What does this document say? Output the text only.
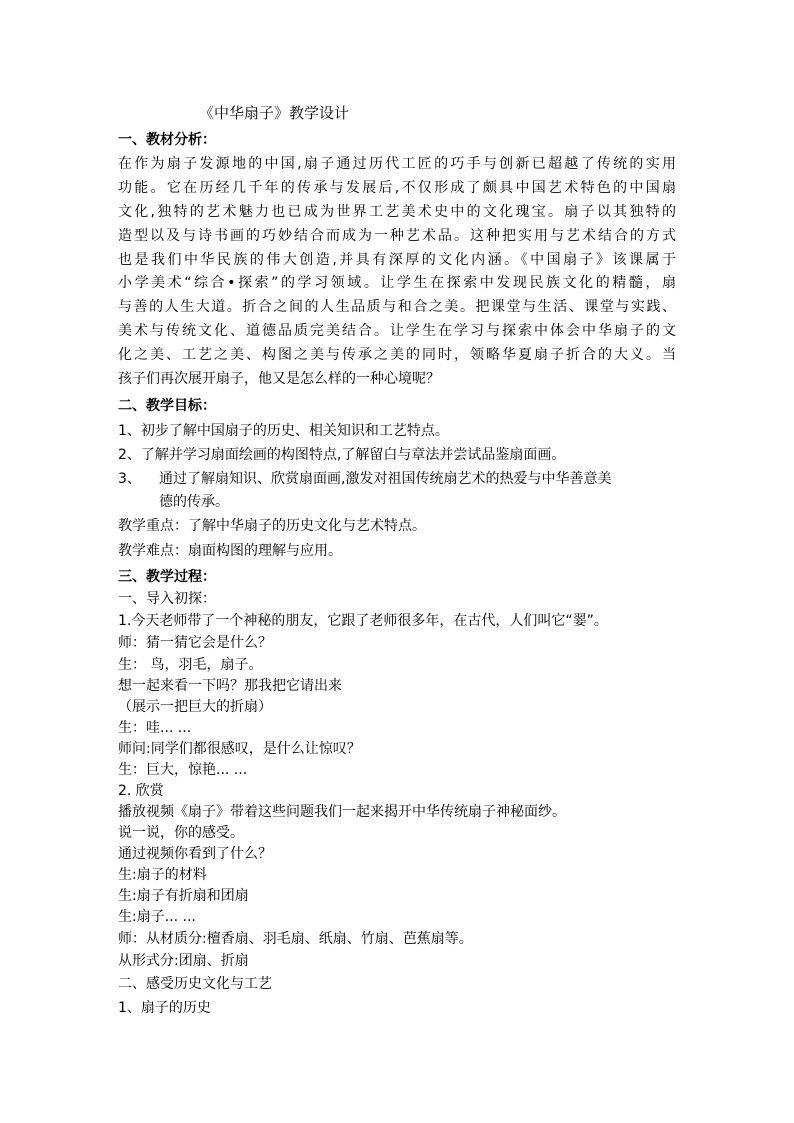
《中华扇子》教学设计
一、教材分析：
在作为扇子发源地的中国,扇子通过历代工匠的巧手与创新已超越了传统的实用
功能。它在历经几千年的传承与发展后,不仅形成了颇具中国艺术特色的中国扇
文化,独特的艺术魅力也已成为世界工艺美术史中的文化瑰宝。扇子以其独特的
造型以及与诗书画的巧妙结合而成为一种艺术品。这种把实用与艺术结合的方式
也是我们中华民族的伟大创造,并具有深厚的文化内涵。《中国扇子》该课属于
小学美术“综合•探索”的学习领域。让学生在探索中发现民族文化的精髓，扇
与善的人生大道。折合之间的人生品质与和合之美。把课堂与生活、课堂与实践、
美术与传统文化、道德品质完美结合。让学生在学习与探索中体会中华扇子的文
化之美、工艺之美、构图之美与传承之美的同时，领略华夏扇子折合的大义。当
孩子们再次展开扇子，他又是怎么样的一种心境呢？
二、教学目标：
1、初步了解中国扇子的历史、相关知识和工艺特点。
2、了解并学习扇面绘画的构图特点,了解留白与章法并尝试品鉴扇面画。
3、 通过了解扇知识、欣赏扇面画,激发对祖国传统扇艺术的热爱与中华善意美
德的传承。
教学重点：了解中华扇子的历史文化与艺术特点。
教学难点：扇面构图的理解与应用。
三、教学过程：
一、导入初探：
1.今天老师带了一个神秘的朋友，它跟了老师很多年，在古代，人们叫它“翣”。
师：猜一猜它会是什么？
生： 鸟，羽毛，扇子。
想一起来看一下吗？那我把它请出来
（展示一把巨大的折扇）
生：哇... ...
师问:同学们都很感叹，是什么让惊叹？
生：巨大，惊艳... ...
2. 欣赏
播放视频《扇子》带着这些问题我们一起来揭开中华传统扇子神秘面纱。
说一说，你的感受。
通过视频你看到了什么？
生:扇子的材料
生:扇子有折扇和团扇
生:扇子... ...
师：从材质分:檀香扇、羽毛扇、纸扇、竹扇、芭蕉扇等。
从形式分:团扇、折扇
二、感受历史文化与工艺
1、扇子的历史
